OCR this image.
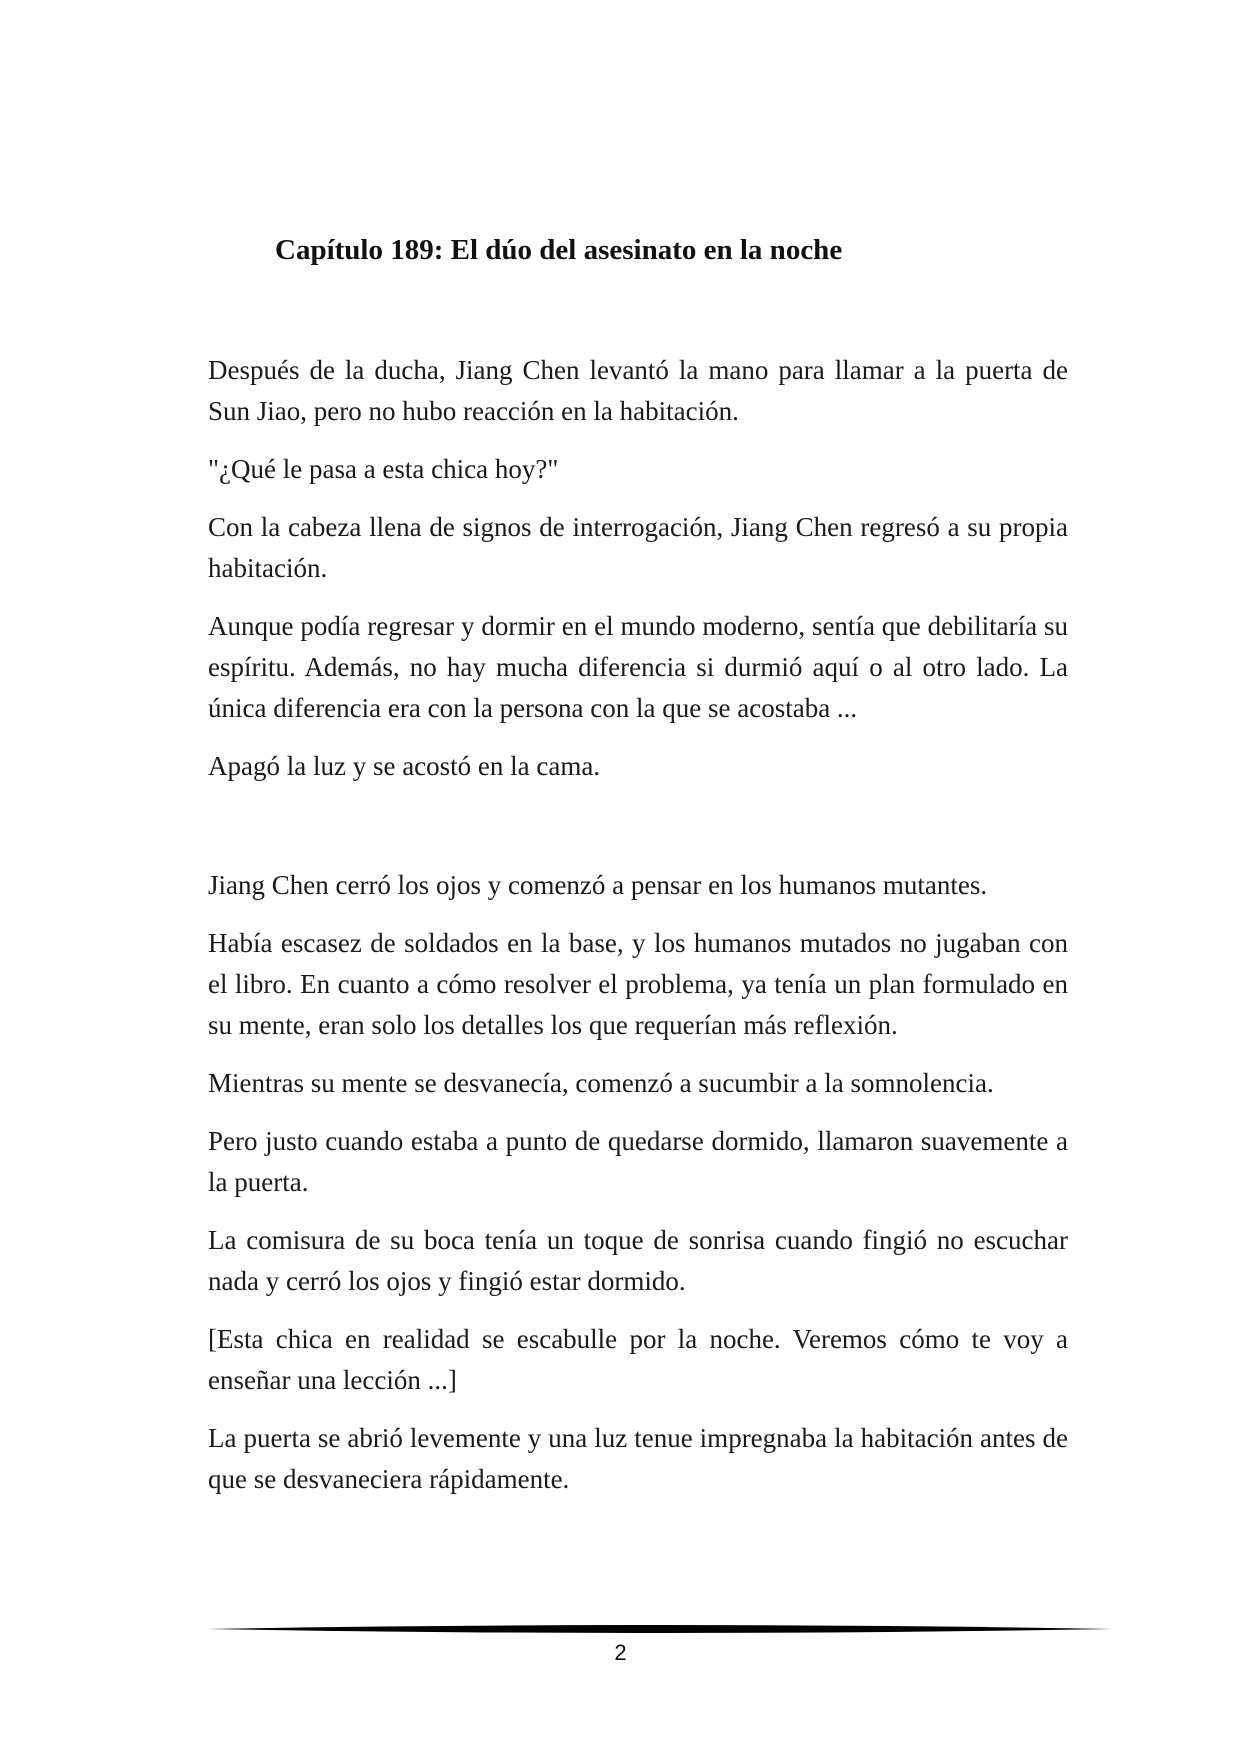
Capítulo 189: El dúo del asesinato en la noche

Después de la ducha, Jiang Chen levantó la mano para llamar a la puerta de Sun Jiao, pero no hubo reacción en la habitación.

"¿Qué le pasa a esta chica hoy?"

Con la cabeza llena de signos de interrogación, Jiang Chen regresó a su propia habitación.

Aunque podía regresar y dormir en el mundo moderno, sentía que debilitaría su espíritu. Además, no hay mucha diferencia si durmió aquí o al otro lado. La única diferencia era con la persona con la que se acostaba ...

Apagó la luz y se acostó en la cama.

Jiang Chen cerró los ojos y comenzó a pensar en los humanos mutantes.

Había escasez de soldados en la base, y los humanos mutados no jugaban con el libro. En cuanto a cómo resolver el problema, ya tenía un plan formulado en su mente, eran solo los detalles los que requerían más reflexión.

Mientras su mente se desvanecía, comenzó a sucumbir a la somnolencia.

Pero justo cuando estaba a punto de quedarse dormido, llamaron suavemente a la puerta.

La comisura de su boca tenía un toque de sonrisa cuando fingió no escuchar nada y cerró los ojos y fingió estar dormido.

[Esta chica en realidad se escabulle por la noche. Veremos cómo te voy a enseñar una lección ...]

La puerta se abrió levemente y una luz tenue impregnaba la habitación antes de que se desvaneciera rápidamente.

2
